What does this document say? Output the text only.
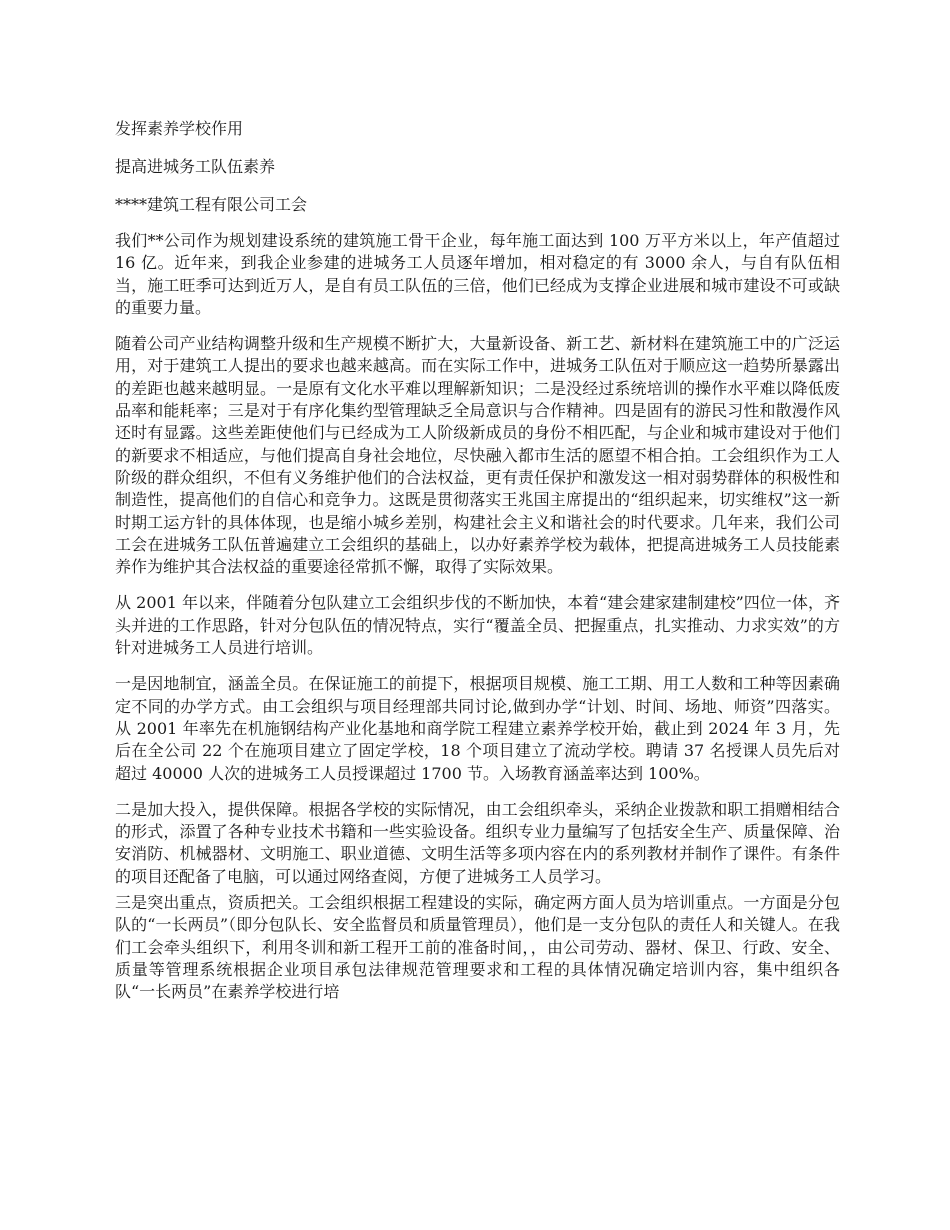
发挥素养学校作用
提高进城务工队伍素养
****建筑工程有限公司工会

我们**公司作为规划建设系统的建筑施工骨干企业，每年施工面达到 100 万平方米以上，年产值超过 16 亿。近年来，到我企业参建的进城务工人员逐年增加，相对稳定的有 3000 余人，与自有队伍相当，施工旺季可达到近万人，是自有员工队伍的三倍，他们已经成为支撑企业进展和城市建设不可或缺的重要力量。

随着公司产业结构调整升级和生产规模不断扩大，大量新设备、新工艺、新材料在建筑施工中的广泛运用，对于建筑工人提出的要求也越来越高。而在实际工作中，进城务工队伍对于顺应这一趋势所暴露出的差距也越来越明显。一是原有文化水平难以理解新知识；二是没经过系统培训的操作水平难以降低废品率和能耗率；三是对于有序化集约型管理缺乏全局意识与合作精神。四是固有的游民习性和散漫作风还时有显露。这些差距使他们与已经成为工人阶级新成员的身份不相匹配，与企业和城市建设对于他们的新要求不相适应，与他们提高自身社会地位，尽快融入都市生活的愿望不相合拍。工会组织作为工人阶级的群众组织，不但有义务维护他们的合法权益，更有责任保护和激发这一相对弱势群体的积极性和制造性，提高他们的自信心和竞争力。这既是贯彻落实王兆国主席提出的“组织起来，切实维权”这一新时期工运方针的具体体现，也是缩小城乡差别，构建社会主义和谐社会的时代要求。几年来，我们公司工会在进城务工队伍普遍建立工会组织的基础上，以办好素养学校为载体，把提高进城务工人员技能素养作为维护其合法权益的重要途径常抓不懈，取得了实际效果。

从 2001 年以来，伴随着分包队建立工会组织步伐的不断加快，本着“建会建家建制建校”四位一体，齐头并进的工作思路，针对分包队伍的情况特点，实行“覆盖全员、把握重点，扎实推动、力求实效”的方针对进城务工人员进行培训。

一是因地制宜，涵盖全员。在保证施工的前提下，根据项目规模、施工工期、用工人数和工种等因素确定不同的办学方式。由工会组织与项目经理部共同讨论,做到办学“计划、时间、场地、师资”四落实。从 2001 年率先在机施钢结构产业化基地和商学院工程建立素养学校开始，截止到 2024 年 3 月，先后在全公司 22 个在施项目建立了固定学校，18 个项目建立了流动学校。聘请 37 名授课人员先后对超过 40000 人次的进城务工人员授课超过 1700 节。入场教育涵盖率达到 100%。

二是加大投入，提供保障。根据各学校的实际情况，由工会组织牵头，采纳企业拨款和职工捐赠相结合的形式，添置了各种专业技术书籍和一些实验设备。组织专业力量编写了包括安全生产、质量保障、治安消防、机械器材、文明施工、职业道德、文明生活等多项内容在内的系列教材并制作了课件。有条件的项目还配备了电脑，可以通过网络查阅，方便了进城务工人员学习。

三是突出重点，资质把关。工会组织根据工程建设的实际，确定两方面人员为培训重点。一方面是分包队的“一长两员”（即分包队长、安全监督员和质量管理员），他们是一支分包队的责任人和关键人。在我们工会牵头组织下，利用冬训和新工程开工前的准备时间，，由公司劳动、器材、保卫、行政、安全、质量等管理系统根据企业项目承包法律规范管理要求和工程的具体情况确定培训内容，集中组织各队“一长两员”在素养学校进行培
